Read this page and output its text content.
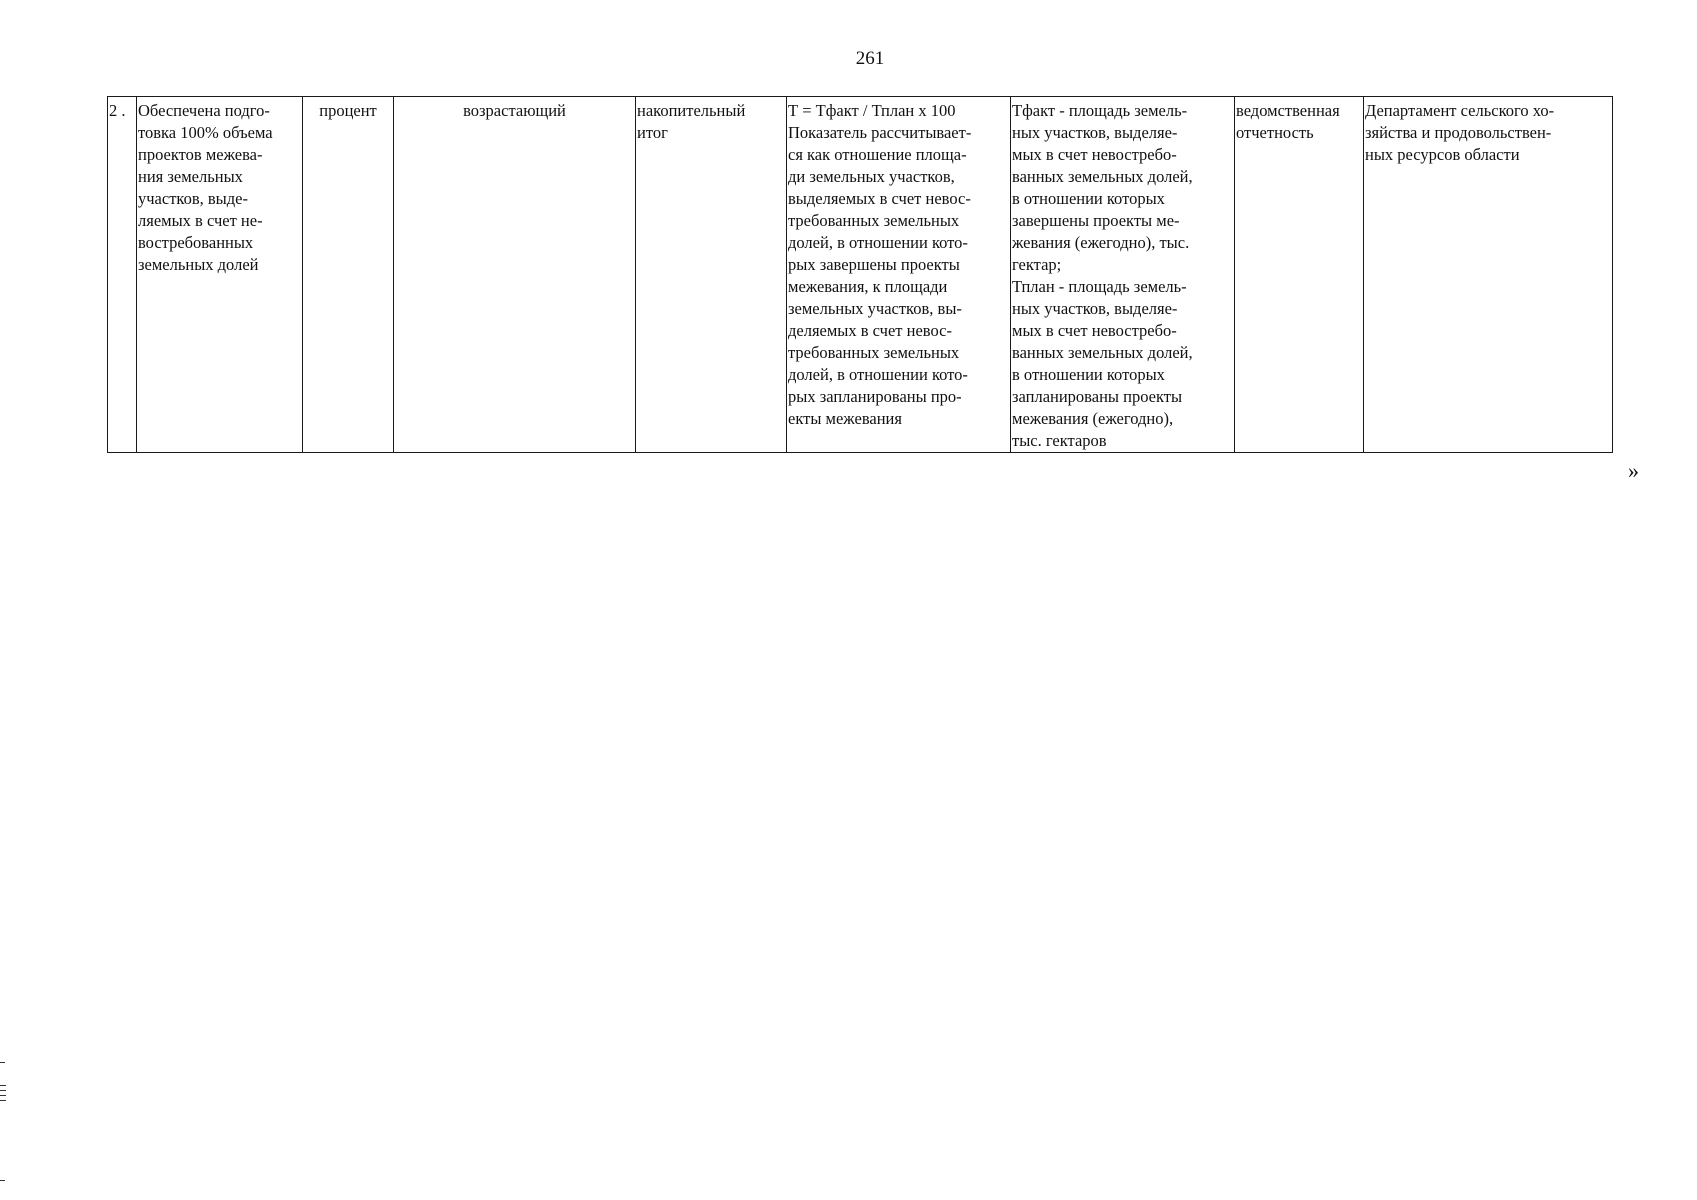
261
2 .	Обеспечена подго-
товка 100% объема
проектов межева-
ния земельных
участков, выде-
ляемых в счет не-
востребованных
земельных долей	процент	возрастающий	накопительный
итог	Т = Тфакт / Тплан x 100
Показатель рассчитывает-
ся как отношение площа-
ди земельных участков,
выделяемых в счет невос-
требованных земельных
долей, в отношении кото-
рых завершены проекты
межевания, к площади
земельных участков, вы-
деляемых в счет невос-
требованных земельных
долей, в отношении кото-
рых запланированы про-
екты межевания	Тфакт - площадь земель-
ных участков, выделяе-
мых в счет невостребо-
ванных земельных долей,
в отношении которых
завершены проекты ме-
жевания (ежегодно), тыс.
гектар;
Тплан - площадь земель-
ных участков, выделяе-
мых в счет невостребо-
ванных земельных долей,
в отношении которых
запланированы проекты
межевания (ежегодно),
тыс. гектаров	ведомственная
отчетность	Департамент сельского хо-
зяйства и продовольствен-
ных ресурсов области
»
